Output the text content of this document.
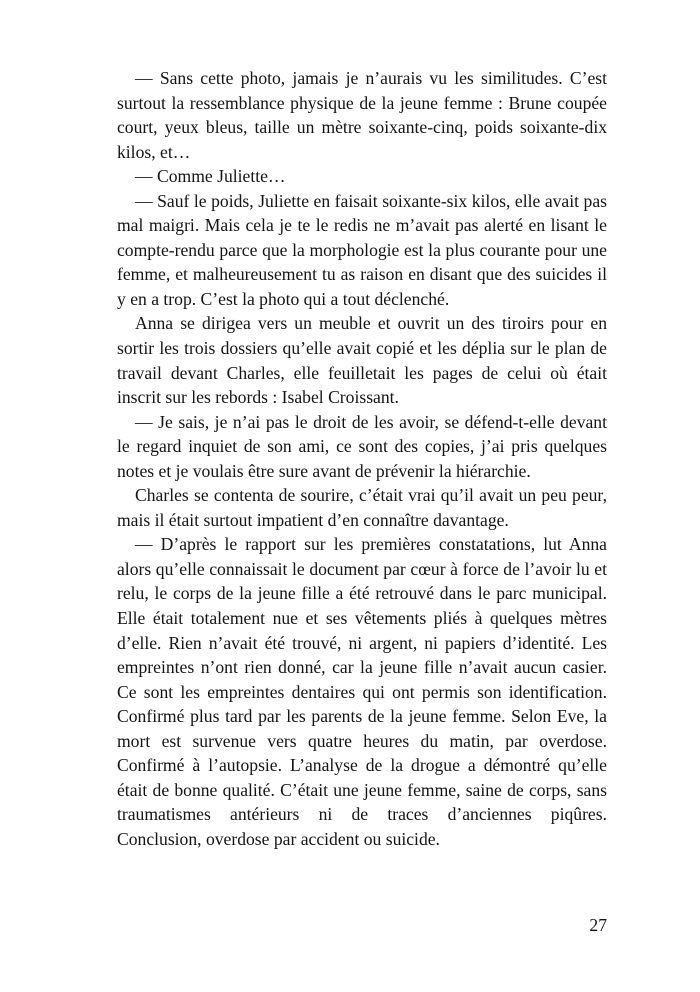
— Sans cette photo, jamais je n’aurais vu les similitudes. C’est surtout la ressemblance physique de la jeune femme : Brune coupée court, yeux bleus, taille un mètre soixante-cinq, poids soixante-dix kilos, et…

— Comme Juliette…

— Sauf le poids, Juliette en faisait soixante-six kilos, elle avait pas mal maigri. Mais cela je te le redis ne m’avait pas alerté en lisant le compte-rendu parce que la morphologie est la plus courante pour une femme, et malheureusement tu as raison en disant que des suicides il y en a trop. C’est la photo qui a tout déclenché.

Anna se dirigea vers un meuble et ouvrit un des tiroirs pour en sortir les trois dossiers qu’elle avait copié et les déplia sur le plan de travail devant Charles, elle feuilletait les pages de celui où était inscrit sur les rebords : Isabel Croissant.

— Je sais, je n’ai pas le droit de les avoir, se défend-t-elle devant le regard inquiet de son ami, ce sont des copies, j’ai pris quelques notes et je voulais être sure avant de prévenir la hiérarchie.

Charles se contenta de sourire, c’était vrai qu’il avait un peu peur, mais il était surtout impatient d’en connaître davantage.

— D’après le rapport sur les premières constatations, lut Anna alors qu’elle connaissait le document par cœur à force de l’avoir lu et relu, le corps de la jeune fille a été retrouvé dans le parc municipal. Elle était totalement nue et ses vêtements pliés à quelques mètres d’elle. Rien n’avait été trouvé, ni argent, ni papiers d’identité. Les empreintes n’ont rien donné, car la jeune fille n’avait aucun casier. Ce sont les empreintes dentaires qui ont permis son identification. Confirmé plus tard par les parents de la jeune femme. Selon Eve, la mort est survenue vers quatre heures du matin, par overdose. Confirmé à l’autopsie. L’analyse de la drogue a démontré qu’elle était de bonne qualité. C’était une jeune femme, saine de corps, sans traumatismes antérieurs ni de traces d’anciennes piqûres. Conclusion, overdose par accident ou suicide.

27
